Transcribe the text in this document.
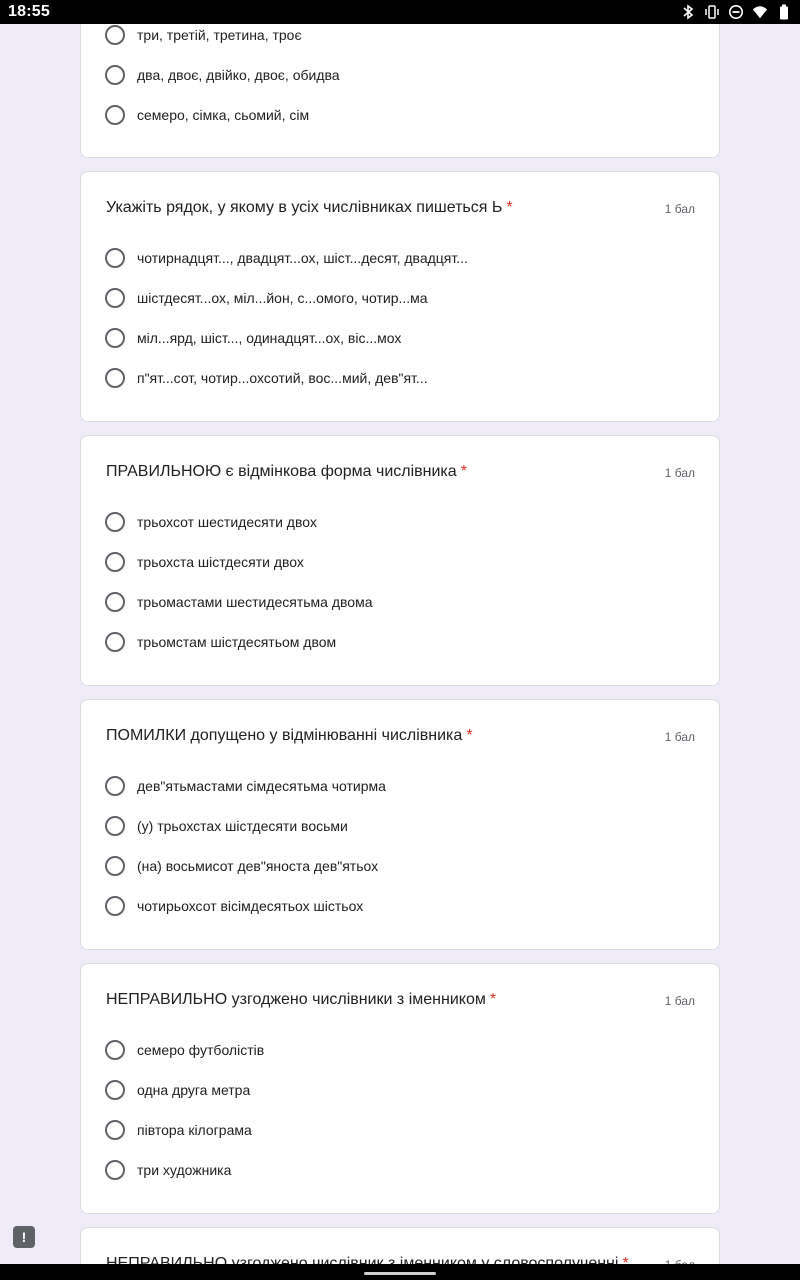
три, третій, третина, троє
два, двоє, двійко, двоє, обидва
семеро, сімка, сьомий, сім
Укажіть рядок, у якому в усіх числівниках пишеться Ь *	1 бал
чотирнадцят..., двадцят...ох, шіст...десят, двадцят...
шістдесят...ох, міл...йон, с...омого, чотир...ма
міл...ярд, шіст..., одинадцят...ох, віс...мох
п"ят...сот, чотир...охсотий, вос...мий, дев"ят...
ПРАВИЛЬНОЮ є відмінкова форма числівника *	1 бал
трьохсот шестидесяти двох
трьохста шістдесяти двох
трьомастами шестидесятьма двома
трьомстам шістдесятьом двом
ПОМИЛКИ допущено у відмінюванні числівника *	1 бал
дев"ятьмастами сімдесятьма чотирма
(у) трьохстах шістдесяти восьми
(на) восьмисот дев"яноста дев"ятьох
чотирьохсот вісімдесятьох шістьох
НЕПРАВИЛЬНО узгоджено числівники з іменником *	1 бал
семеро футболістів
одна друга метра
півтора кілограма
три художника
!
18:55
